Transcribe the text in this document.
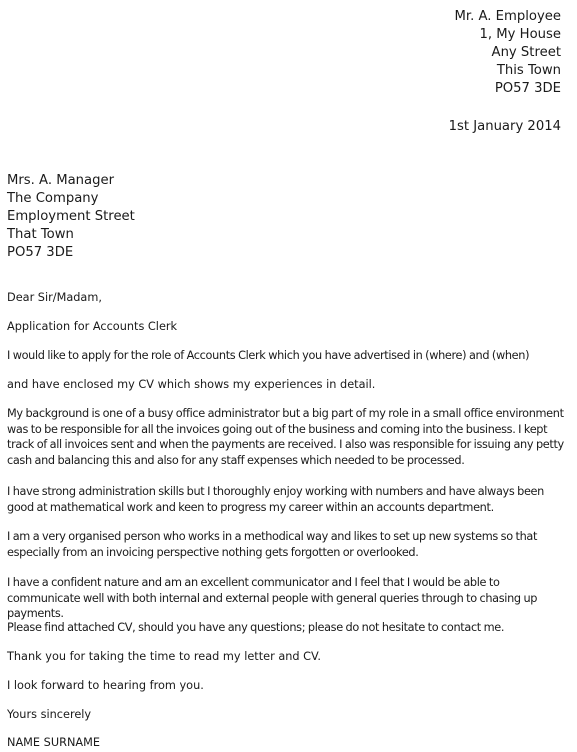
Mr. A. Employee
1, My House
Any Street
This Town
PO57 3DE
1st January 2014
Mrs. A. Manager
The Company
Employment Street
That Town
PO57 3DE

Dear Sir/Madam,

Application for Accounts Clerk

I would like to apply for the role of Accounts Clerk which you have advertised in (where) and (when)

and have enclosed my CV which shows my experiences in detail.

My background is one of a busy office administrator but a big part of my role in a small office environment was to be responsible for all the invoices going out of the business and coming into the business. I kept track of all invoices sent and when the payments are received. I also was responsible for issuing any petty cash and balancing this and also for any staff expenses which needed to be processed.

I have strong administration skills but I thoroughly enjoy working with numbers and have always been good at mathematical work and keen to progress my career within an accounts department.

I am a very organised person who works in a methodical way and likes to set up new systems so that especially from an invoicing perspective nothing gets forgotten or overlooked.

I have a confident nature and am an excellent communicator and I feel that I would be able to communicate well with both internal and external people with general queries through to chasing up payments.

Please find attached CV, should you have any questions; please do not hesitate to contact me.

Thank you for taking the time to read my letter and CV.

I look forward to hearing from you.

Yours sincerely

NAME SURNAME
